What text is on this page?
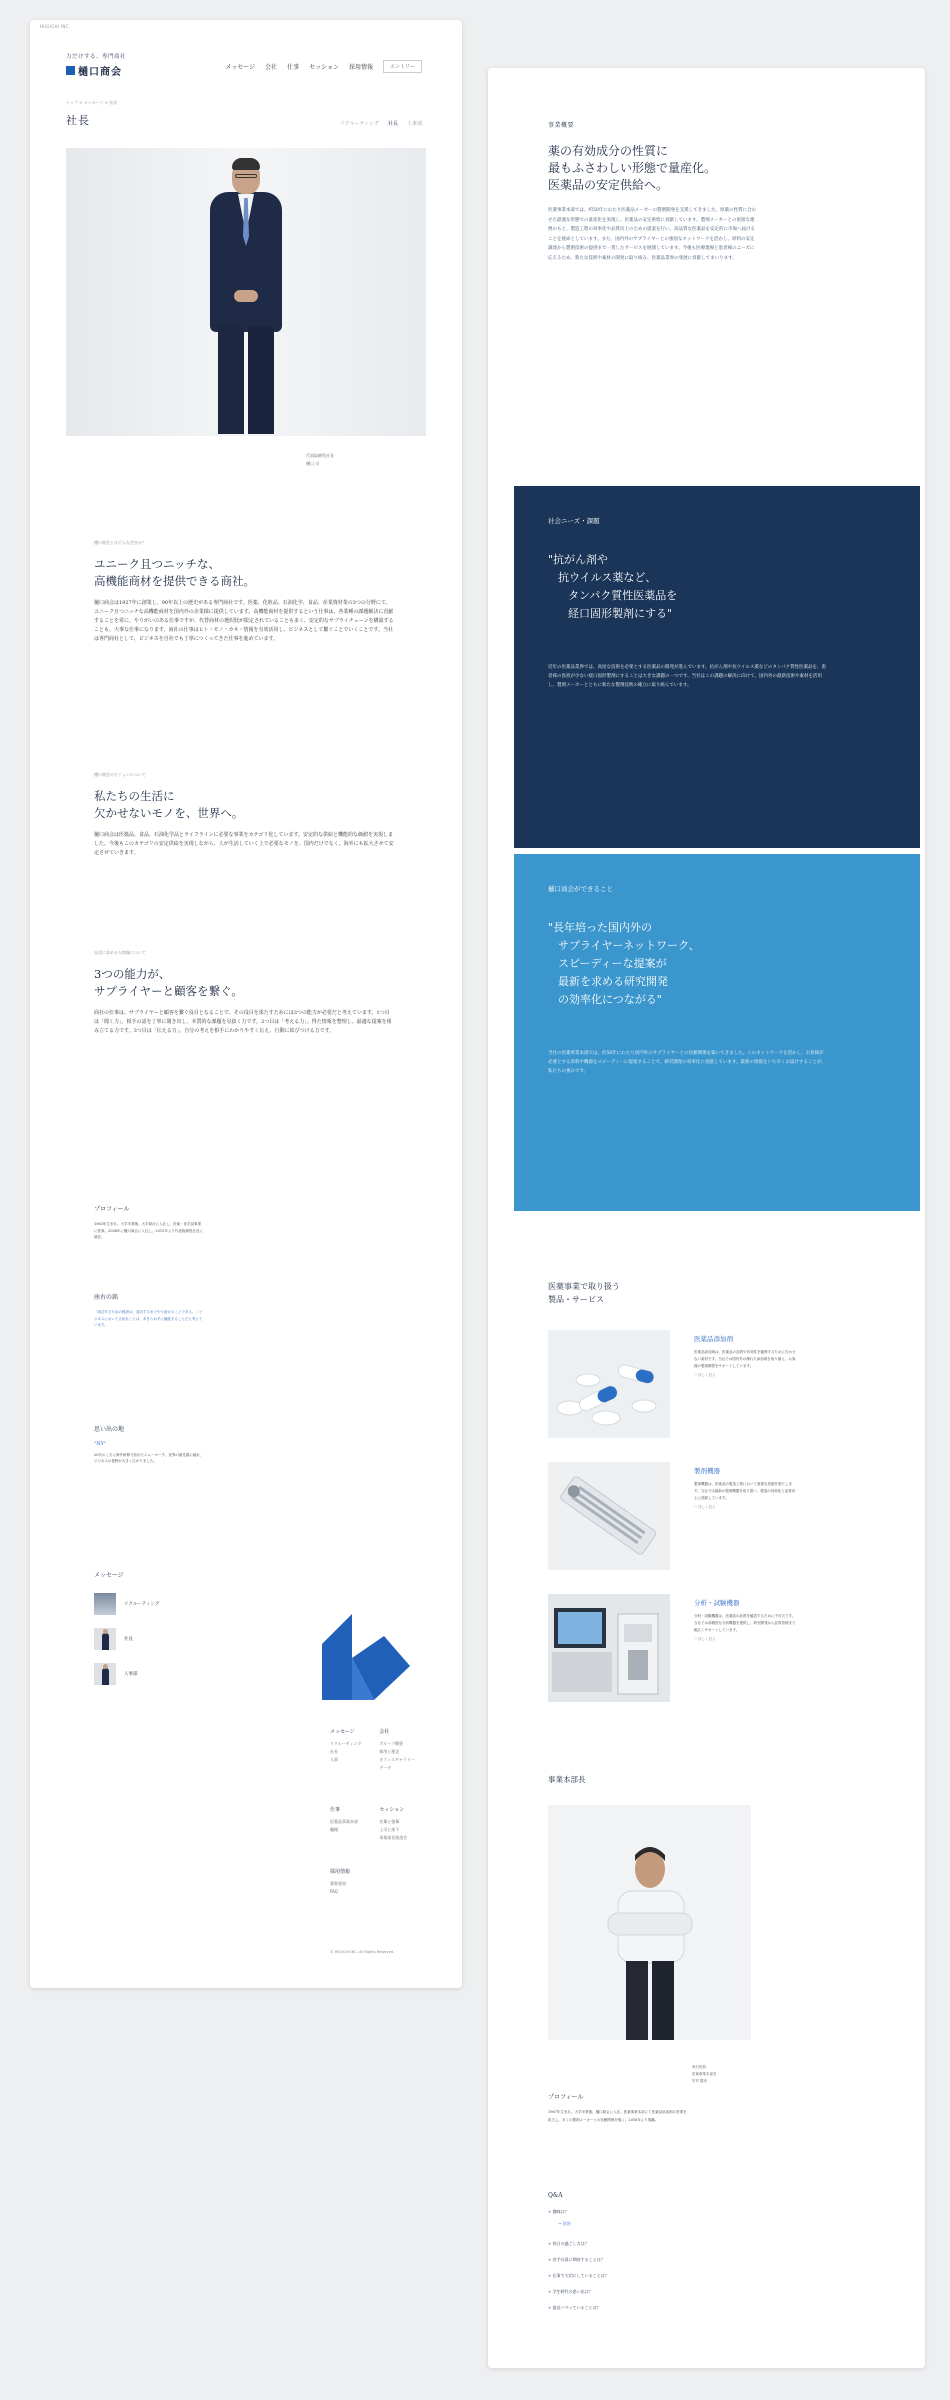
HIGUCHI INC.
力だけする、専門商社
樋口商会	メッセージ 会社 仕事 セッション 採用情報	エントリー
トップ > メッセージ > 社長
社長	リクルーティング 社長 人事部
代表取締役社長
樋口 司
樋口商会とはどんな会社か？
ユニーク且つニッチな、
高機能商材を提供できる商社。

樋口商会は1927年に創業し、90年以上の歴史がある専門商社です。医薬、化粧品、石油化学、食品、産業資材業の3つの分野にて、ユニーク且つニッチな高機能商材を国内外の企業様に提供しています。高機能商材を提供するという仕事は、各業種の課題解決に貢献することを常に、やりがいのある仕事ですが、代替商材の選択肢が限定されていることも多く、安定的なサプライチェーンを構築することも、大事な仕事になります。商社の仕事はヒト・モノ・カネ・情報を有効活用し、ビジネスとして繋ぐことでいくことです。当社は専門商社として、ビジネスを自社でも丁寧につくってきた仕事を進めています。

樋口商会のビジョンについて
私たちの生活に
欠かせないモノを、世界へ。

樋口商会は医薬品、食品、石油化学品とライフラインに必要な事業をカテゴリ化しています。安定的な供給と機能的な価値を実現しました。今後もこのカテゴリの安定供給を実現しながら、人が生活していく上で必要なモノを、国内だけでなく、海外にも拡大させて安定させていきます。

社員に求める人物像について
3つの能力が、
サプライヤーと顧客を繋ぐ。

商社の仕事は、サプライヤーと顧客を繋ぐ役目となることで、その役目を果たすためには3つの能力が必要だと考えています。1つ目は「聞く力」。相手の話を丁寧に聞き出し、本質的な課題を見抜く力です。2つ目は「考える力」。得た情報を整理し、最適な提案を組み立てる力です。3つ目は「伝える力」。自分の考えを相手にわかりやすく伝え、行動に結びつける力です。

プロフィール

1963年生まれ。大学卒業後、大手商社に入社し、医薬・化学品事業に従事。2004年に樋口商会に入社し、2015年より代表取締役社長に就任。

座右の銘

「成功するための秘訣は、成功するまでやり続けることである。」ビジネスにおいて大切なことは、あきらめずに継続することだと考えています。

思い出の地

"NY"

20代のころに海外研修で訪れたニューヨーク。世界の最先端に触れ、ビジネスの視野が大きく広がりました。

メッセージ
リクルーティング
社長
人事部
メッセージ
リクルーティング
社長
人事

会社
グループ概要
採用と理念
オフィスギャラリー
データ
仕事
医薬品事業本部
職種

セッション
先輩と後輩
上司と部下
事業部長座談会
採用情報
募集要項
FAQ
© HIGUCHI INC. All Rights Reserved.
事業概要
薬の有効成分の性質に
最もふさわしい形態で量産化。
医薬品の安定供給へ。

医薬事業本部では、約50年にわたり医薬品メーカーの製剤開発を支援してきました。原薬の性質に合わせた最適な形態での量産化を実現し、医薬品の安定供給に貢献しています。製剤メーカーとの密接な連携のもと、製造工程の効率化や品質向上のための提案を行い、高品質な医薬品を安定的に市場へ届けることを使命としています。また、国内外のサプライヤーとの強固なネットワークを活かし、原料の安定調達から製剤技術の提供まで一貫したサービスを展開しています。今後も医療現場と患者様のニーズに応えるため、新たな技術や素材の開発に取り組み、医薬品業界の発展に貢献してまいります。

社会ニーズ・課題
"抗がん剤や
抗ウイルス薬など、
タンパク質性医薬品を
経口固形製剤にする"

近年の医薬品業界では、高度な技術を必要とする医薬品の開発が進んでいます。抗がん剤や抗ウイルス薬などのタンパク質性医薬品を、患者様の負担が少ない経口固形製剤にすることは大きな課題の一つです。当社はこの課題の解決に向けて、国内外の最新技術や素材を活用し、製剤メーカーとともに新たな製剤技術の確立に取り組んでいます。

樋口商会ができること
"長年培った国内外の
サプライヤーネットワーク、
スピーディーな提案が
最新を求める研究開発
の効率化につながる"

当社の医薬事業本部では、約50年にわたり国内外のサプライヤーとの信頼関係を築いてきました。このネットワークを活かし、お客様が必要とする原料や機器をスピーディーに提案することで、研究開発の効率化に貢献しています。最新の情報をいち早くお届けすることが、私たちの強みです。

医薬事業で取り扱う
製品・サービス
医薬品添加剤

医薬品添加剤は、医薬品の品質や有効性を確保するために欠かせない素材です。当社では国内外の優れた添加剤を取り揃え、お客様の製剤開発をサポートしています。

→ 詳しく見る
製剤機器

製剤機器は、医薬品の製造工程において重要な役割を果たします。当社では最新の製剤機器を取り扱い、製造の効率化と品質向上に貢献しています。

→ 詳しく見る
分析・試験機器

分析・試験機器は、医薬品の品質を確認するために不可欠です。当社では高精度な分析機器を提供し、研究開発から品質管理まで幅広くサポートしています。

→ 詳しく見る
事業本部長
執行役員
医薬事業本部長
竹村 勝彦
プロフィール

1967年生まれ。大学卒業後、樋口商会に入社。医薬事業本部にて医薬品添加剤の営業を担当し、多くの製剤メーカーとの信頼関係を築く。2016年より現職。

Q&A
+ 趣味は？
→ 回答
+ 休日の過ごし方は？
+ 若手社員に期待することは？
+ 仕事で大切にしていることは？
+ 学生時代の思い出は？
+ 最近ハマっていることは？
